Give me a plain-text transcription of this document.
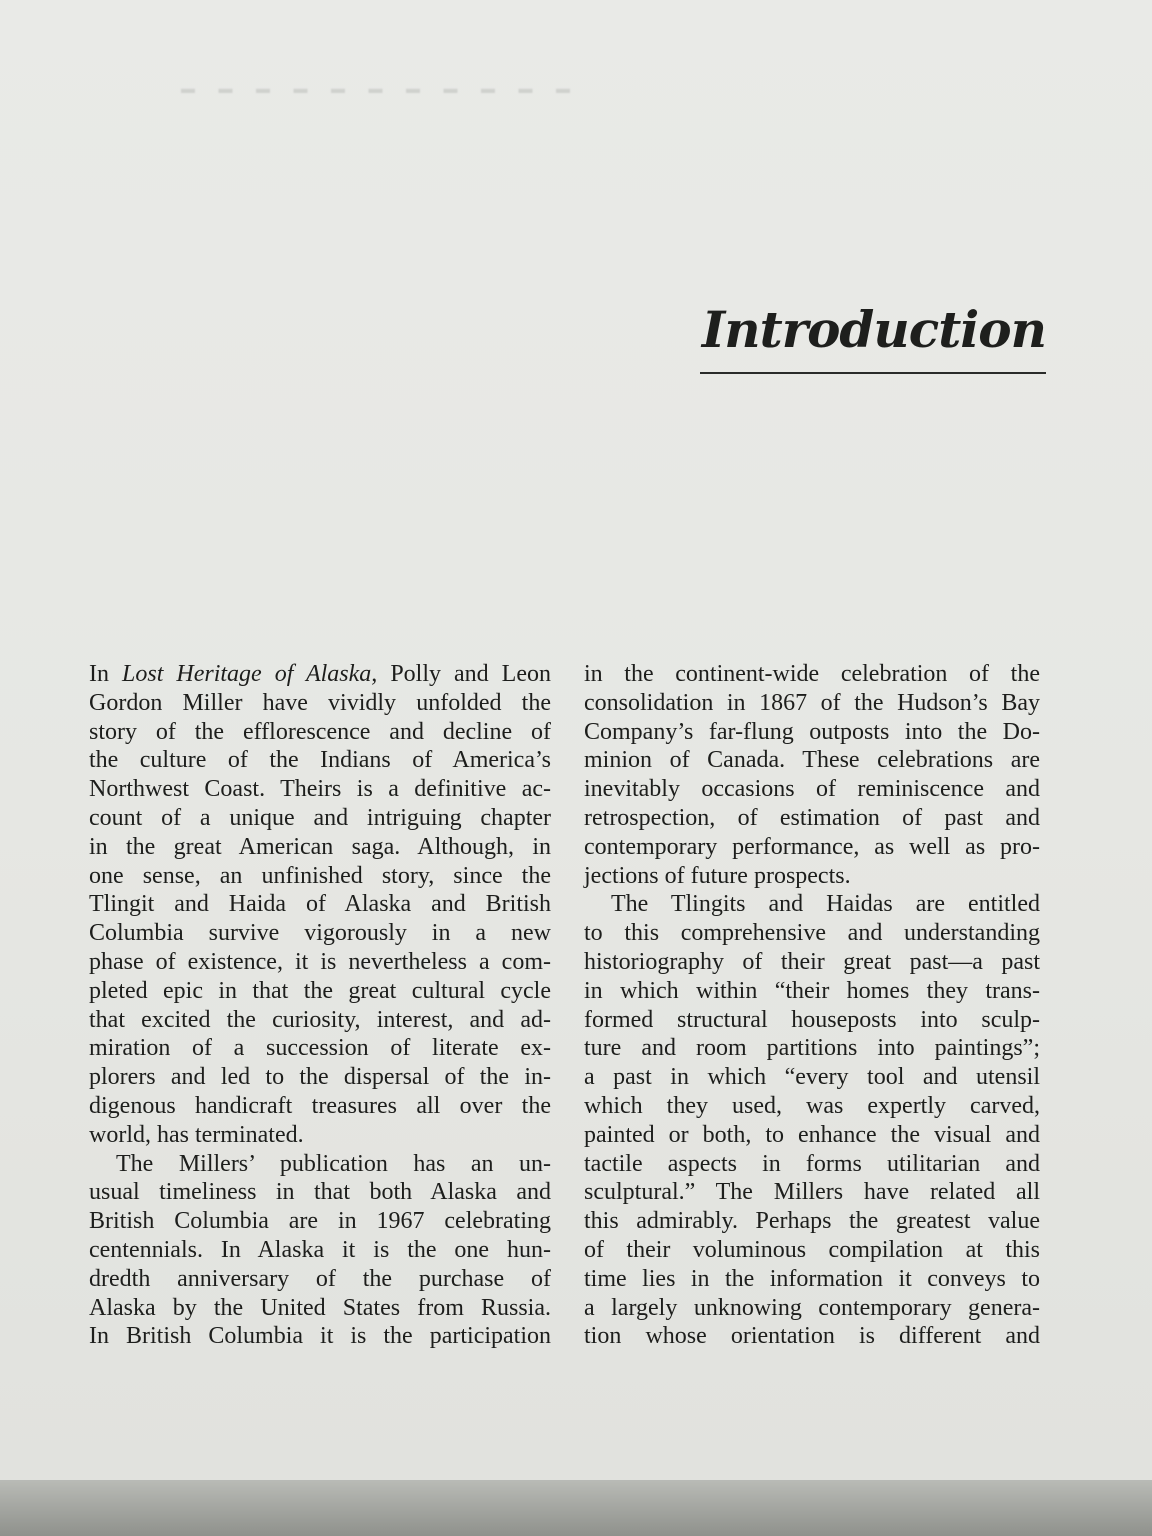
▬ ▬ ▬ ▬ ▬ ▬ ▬ ▬ ▬ ▬ ▬
Introduction
In Lost Heritage of Alaska, Polly and Leon
Gordon Miller have vividly unfolded the
story of the efflorescence and decline of
the culture of the Indians of America’s
Northwest Coast. Theirs is a definitive ac-
count of a unique and intriguing chapter
in the great American saga. Although, in
one sense, an unfinished story, since the
Tlingit and Haida of Alaska and British
Columbia survive vigorously in a new
phase of existence, it is nevertheless a com-
pleted epic in that the great cultural cycle
that excited the curiosity, interest, and ad-
miration of a succession of literate ex-
plorers and led to the dispersal of the in-
digenous handicraft treasures all over the
world, has terminated.
The Millers’ publication has an un-
usual timeliness in that both Alaska and
British Columbia are in 1967 celebrating
centennials. In Alaska it is the one hun-
dredth anniversary of the purchase of
Alaska by the United States from Russia.
In British Columbia it is the participation
in the continent-wide celebration of the
consolidation in 1867 of the Hudson’s Bay
Company’s far-flung outposts into the Do-
minion of Canada. These celebrations are
inevitably occasions of reminiscence and
retrospection, of estimation of past and
contemporary performance, as well as pro-
jections of future prospects.
The Tlingits and Haidas are entitled
to this comprehensive and understanding
historiography of their great past—a past
in which within “their homes they trans-
formed structural houseposts into sculp-
ture and room partitions into paintings”;
a past in which “every tool and utensil
which they used, was expertly carved,
painted or both, to enhance the visual and
tactile aspects in forms utilitarian and
sculptural.” The Millers have related all
this admirably. Perhaps the greatest value
of their voluminous compilation at this
time lies in the information it conveys to
a largely unknowing contemporary genera-
tion whose orientation is different and
